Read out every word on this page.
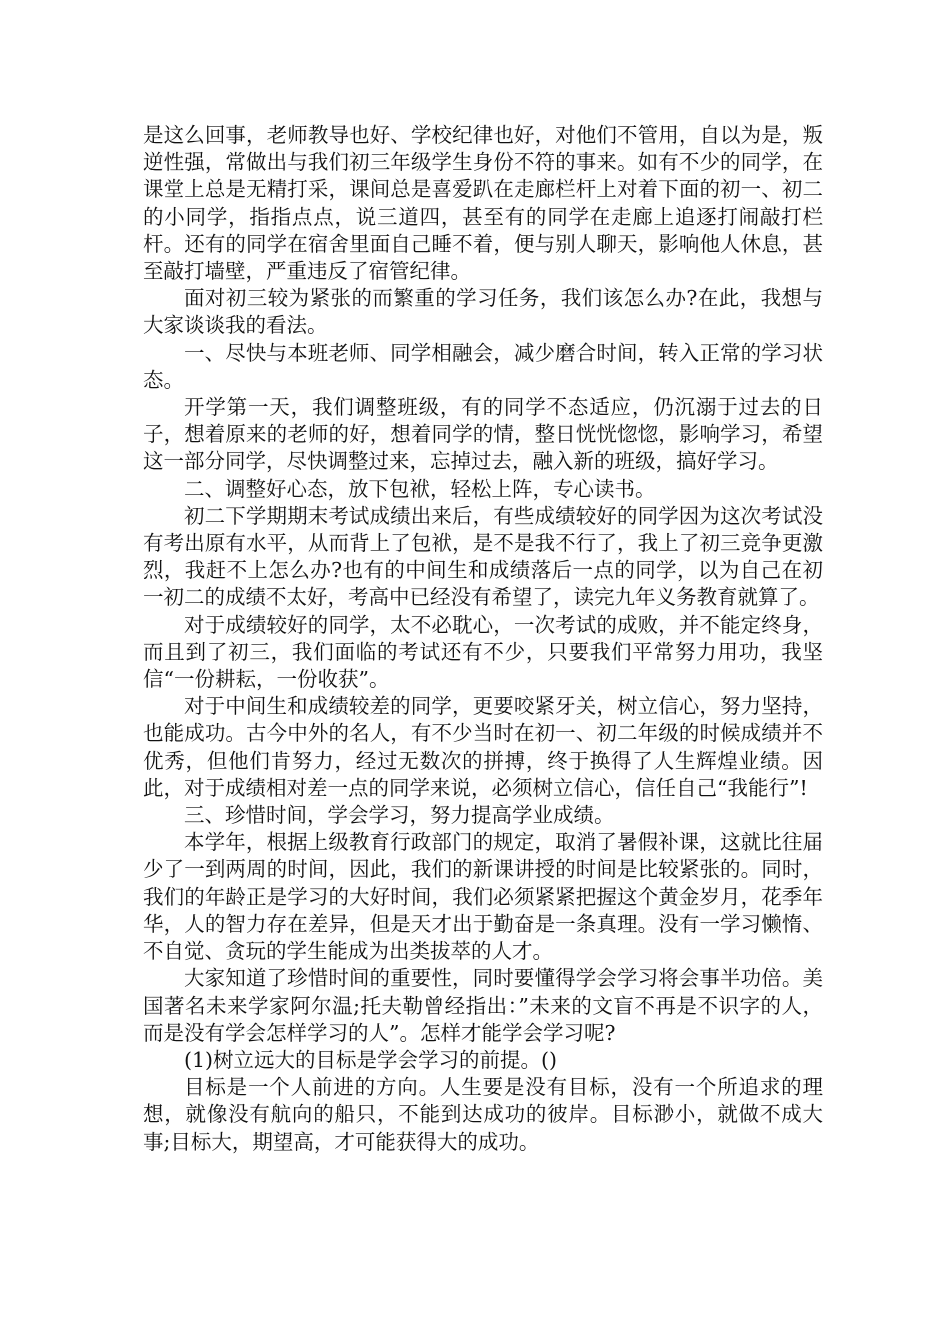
是这么回事，老师教导也好、学校纪律也好，对他们不管用，自以为是，叛逆性强，常做出与我们初三年级学生身份不符的事来。如有不少的同学，在课堂上总是无精打采，课间总是喜爱趴在走廊栏杆上对着下面的初一、初二的小同学，指指点点，说三道四，甚至有的同学在走廊上追逐打闹敲打栏杆。还有的同学在宿舍里面自己睡不着，便与别人聊天，影响他人休息，甚至敲打墙壁，严重违反了宿管纪律。

面对初三较为紧张的而繁重的学习任务，我们该怎么办?在此，我想与大家谈谈我的看法。

一、尽快与本班老师、同学相融会，减少磨合时间，转入正常的学习状态。

开学第一天，我们调整班级，有的同学不态适应，仍沉溺于过去的日子，想着原来的老师的好，想着同学的情，整日恍恍惚惚，影响学习，希望这一部分同学，尽快调整过来，忘掉过去，融入新的班级，搞好学习。

二、调整好心态，放下包袱，轻松上阵，专心读书。

初二下学期期末考试成绩出来后，有些成绩较好的同学因为这次考试没有考出原有水平，从而背上了包袱，是不是我不行了，我上了初三竞争更激烈，我赶不上怎么办?也有的中间生和成绩落后一点的同学，以为自己在初一初二的成绩不太好，考高中已经没有希望了，读完九年义务教育就算了。

对于成绩较好的同学，太不必耽心，一次考试的成败，并不能定终身，而且到了初三，我们面临的考试还有不少，只要我们平常努力用功，我坚信“一份耕耘，一份收获”。

对于中间生和成绩较差的同学，更要咬紧牙关，树立信心，努力坚持，也能成功。古今中外的名人，有不少当时在初一、初二年级的时候成绩并不优秀，但他们肯努力，经过无数次的拼搏，终于换得了人生辉煌业绩。因此，对于成绩相对差一点的同学来说，必须树立信心，信任自己“我能行”!

三、珍惜时间，学会学习，努力提高学业成绩。

本学年，根据上级教育行政部门的规定，取消了暑假补课，这就比往届少了一到两周的时间，因此，我们的新课讲授的时间是比较紧张的。同时，我们的年龄正是学习的大好时间，我们必须紧紧把握这个黄金岁月，花季年华，人的智力存在差异，但是天才出于勤奋是一条真理。没有一学习懒惰、不自觉、贪玩的学生能成为出类拔萃的人才。

大家知道了珍惜时间的重要性，同时要懂得学会学习将会事半功倍。美国著名未来学家阿尔温;托夫勒曾经指出：”未来的文盲不再是不识字的人，而是没有学会怎样学习的人”。怎样才能学会学习呢?

(1)树立远大的目标是学会学习的前提。()

目标是一个人前进的方向。人生要是没有目标，没有一个所追求的理想，就像没有航向的船只，不能到达成功的彼岸。目标渺小，就做不成大事;目标大，期望高，才可能获得大的成功。
